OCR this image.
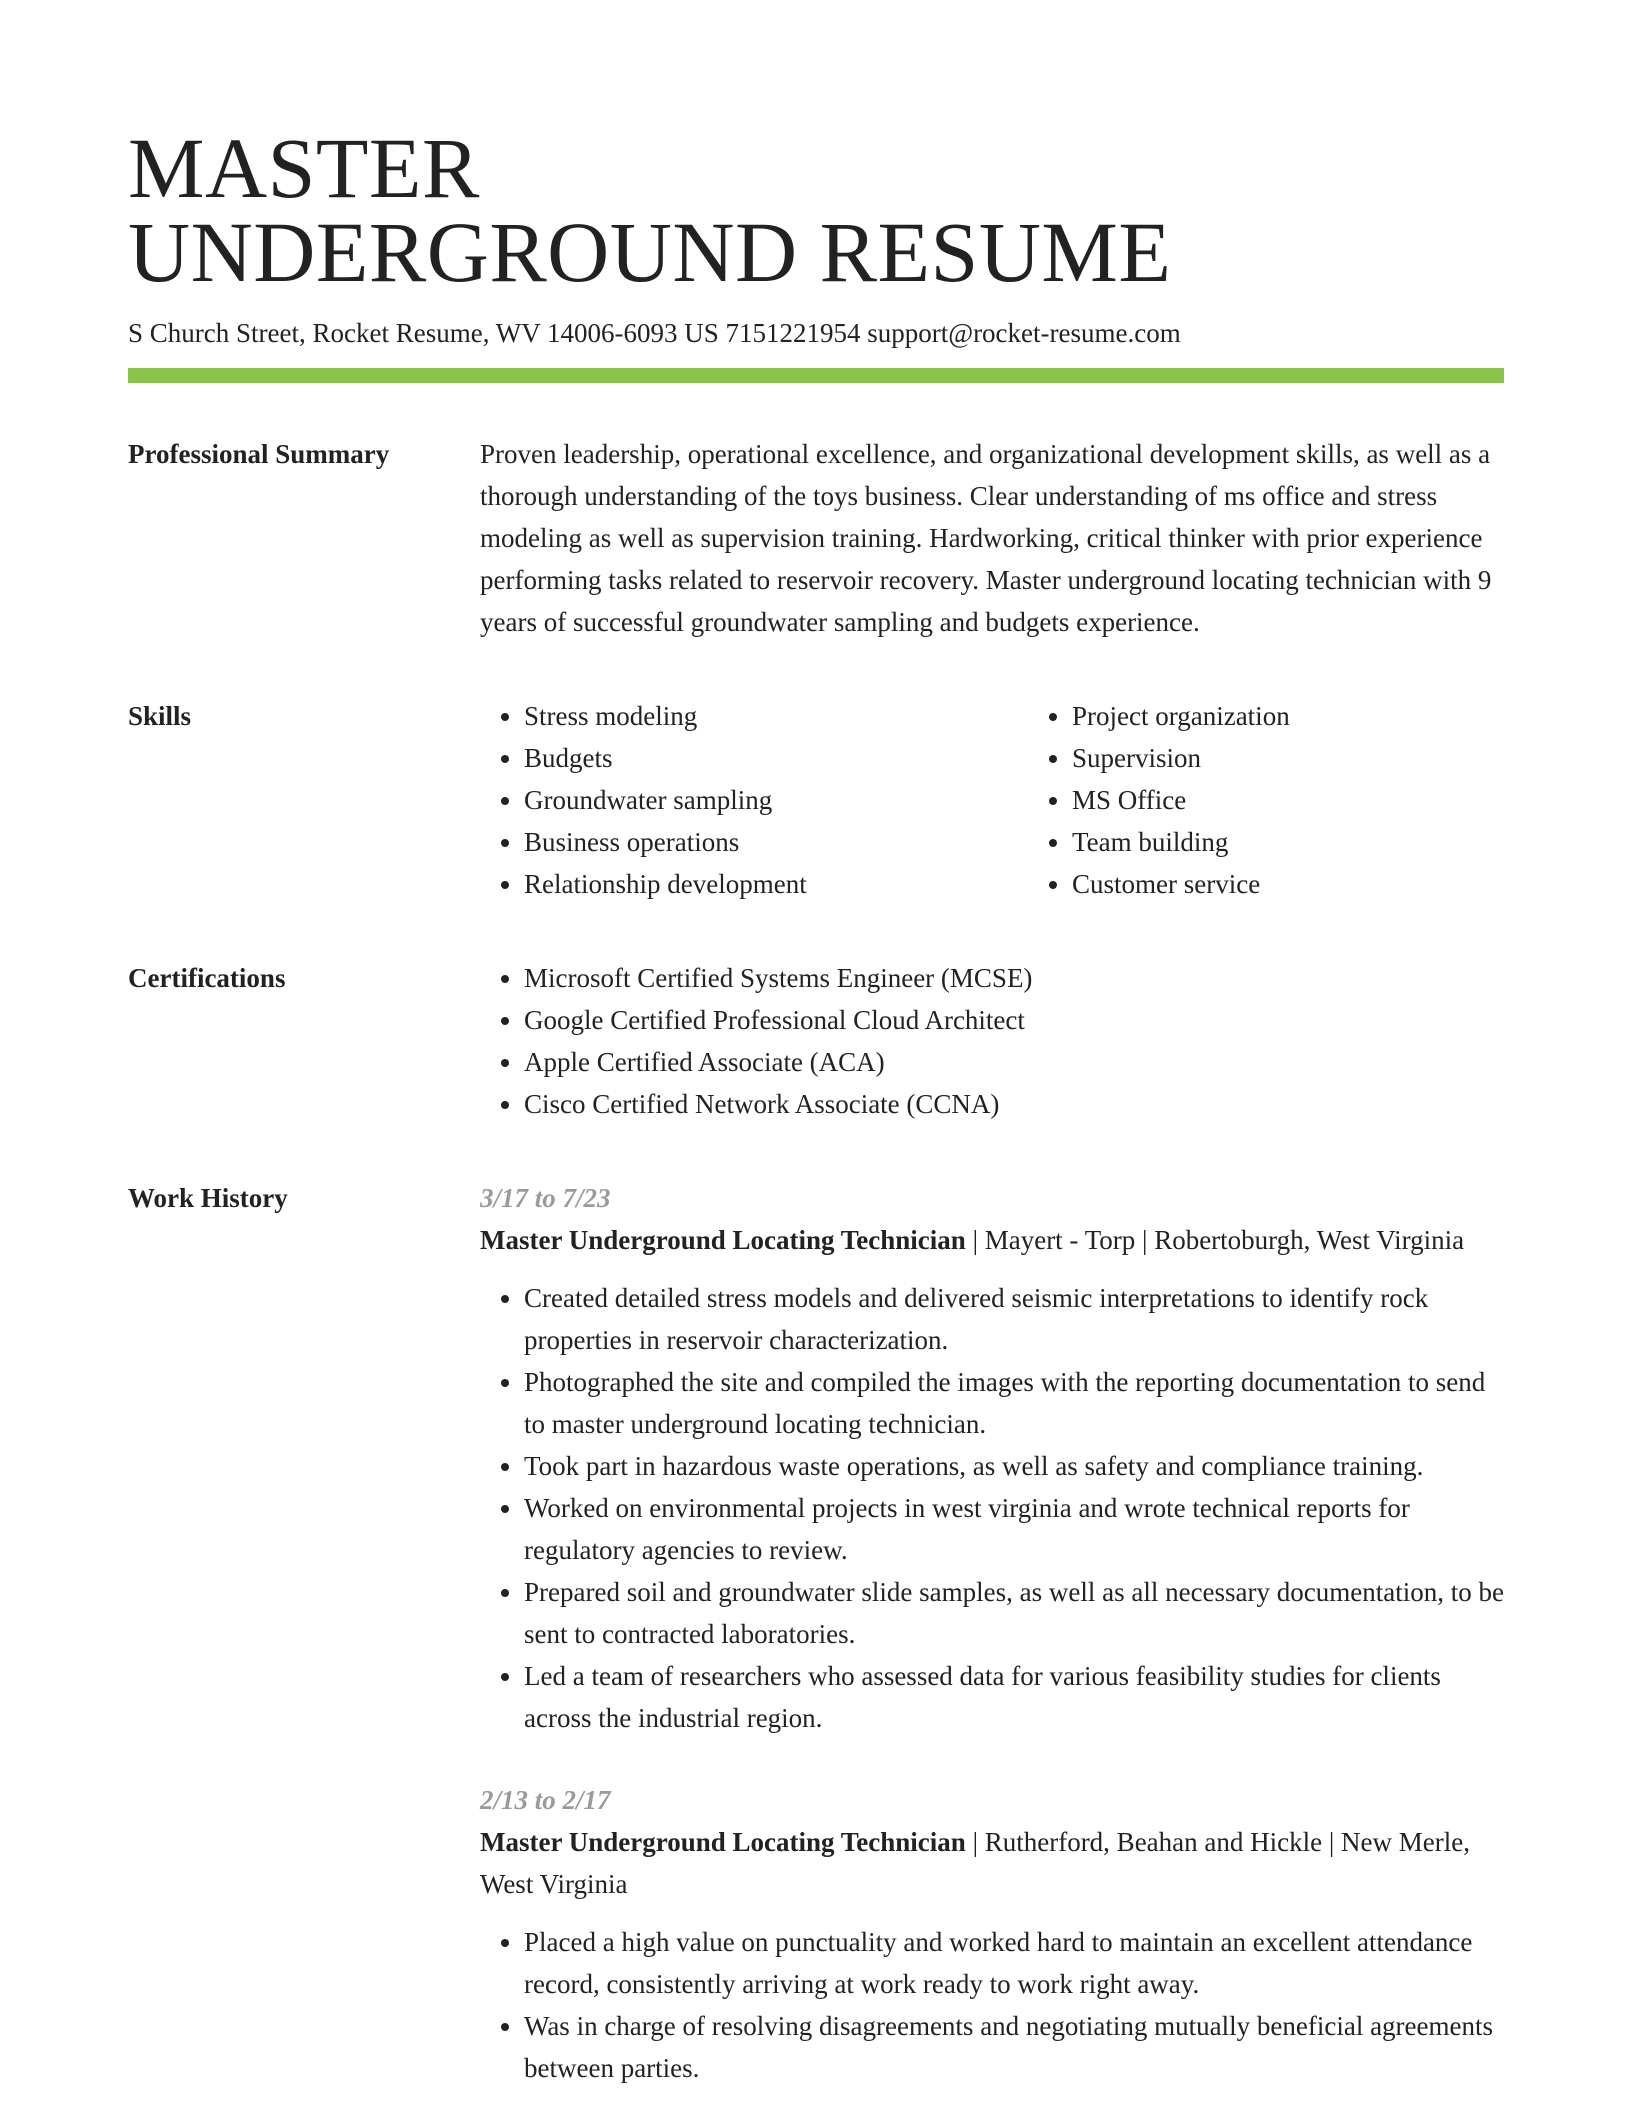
MASTER
UNDERGROUND RESUME
S Church Street, Rocket Resume, WV 14006-6093 US 7151221954 support@rocket-resume.com
Professional Summary	Proven leadership, operational excellence, and organizational development skills, as well as a thorough understanding of the toys business. Clear understanding of ms office and stress modeling as well as supervision training. Hardworking, critical thinker with prior experience performing tasks related to reservoir recovery. Master underground locating technician with 9 years of successful groundwater sampling and budgets experience.

Skills	• Stress modeling
• Budgets
• Groundwater sampling
• Business operations
• Relationship development
• Project organization
• Supervision
• MS Office
• Team building
• Customer service
Certifications	• Microsoft Certified Systems Engineer (MCSE)
• Google Certified Professional Cloud Architect
• Apple Certified Associate (ACA)
• Cisco Certified Network Associate (CCNA)
Work History	3/17 to 7/23
Master Underground Locating Technician | Mayert - Torp | Robertoburgh, West Virginia
• Created detailed stress models and delivered seismic interpretations to identify rock properties in reservoir characterization.
• Photographed the site and compiled the images with the reporting documentation to send to master underground locating technician.
• Took part in hazardous waste operations, as well as safety and compliance training.
• Worked on environmental projects in west virginia and wrote technical reports for regulatory agencies to review.
• Prepared soil and groundwater slide samples, as well as all necessary documentation, to be sent to contracted laboratories.
• Led a team of researchers who assessed data for various feasibility studies for clients across the industrial region.
2/13 to 2/17
Master Underground Locating Technician | Rutherford, Beahan and Hickle | New Merle, West Virginia
• Placed a high value on punctuality and worked hard to maintain an excellent attendance record, consistently arriving at work ready to work right away.
• Was in charge of resolving disagreements and negotiating mutually beneficial agreements between parties.
